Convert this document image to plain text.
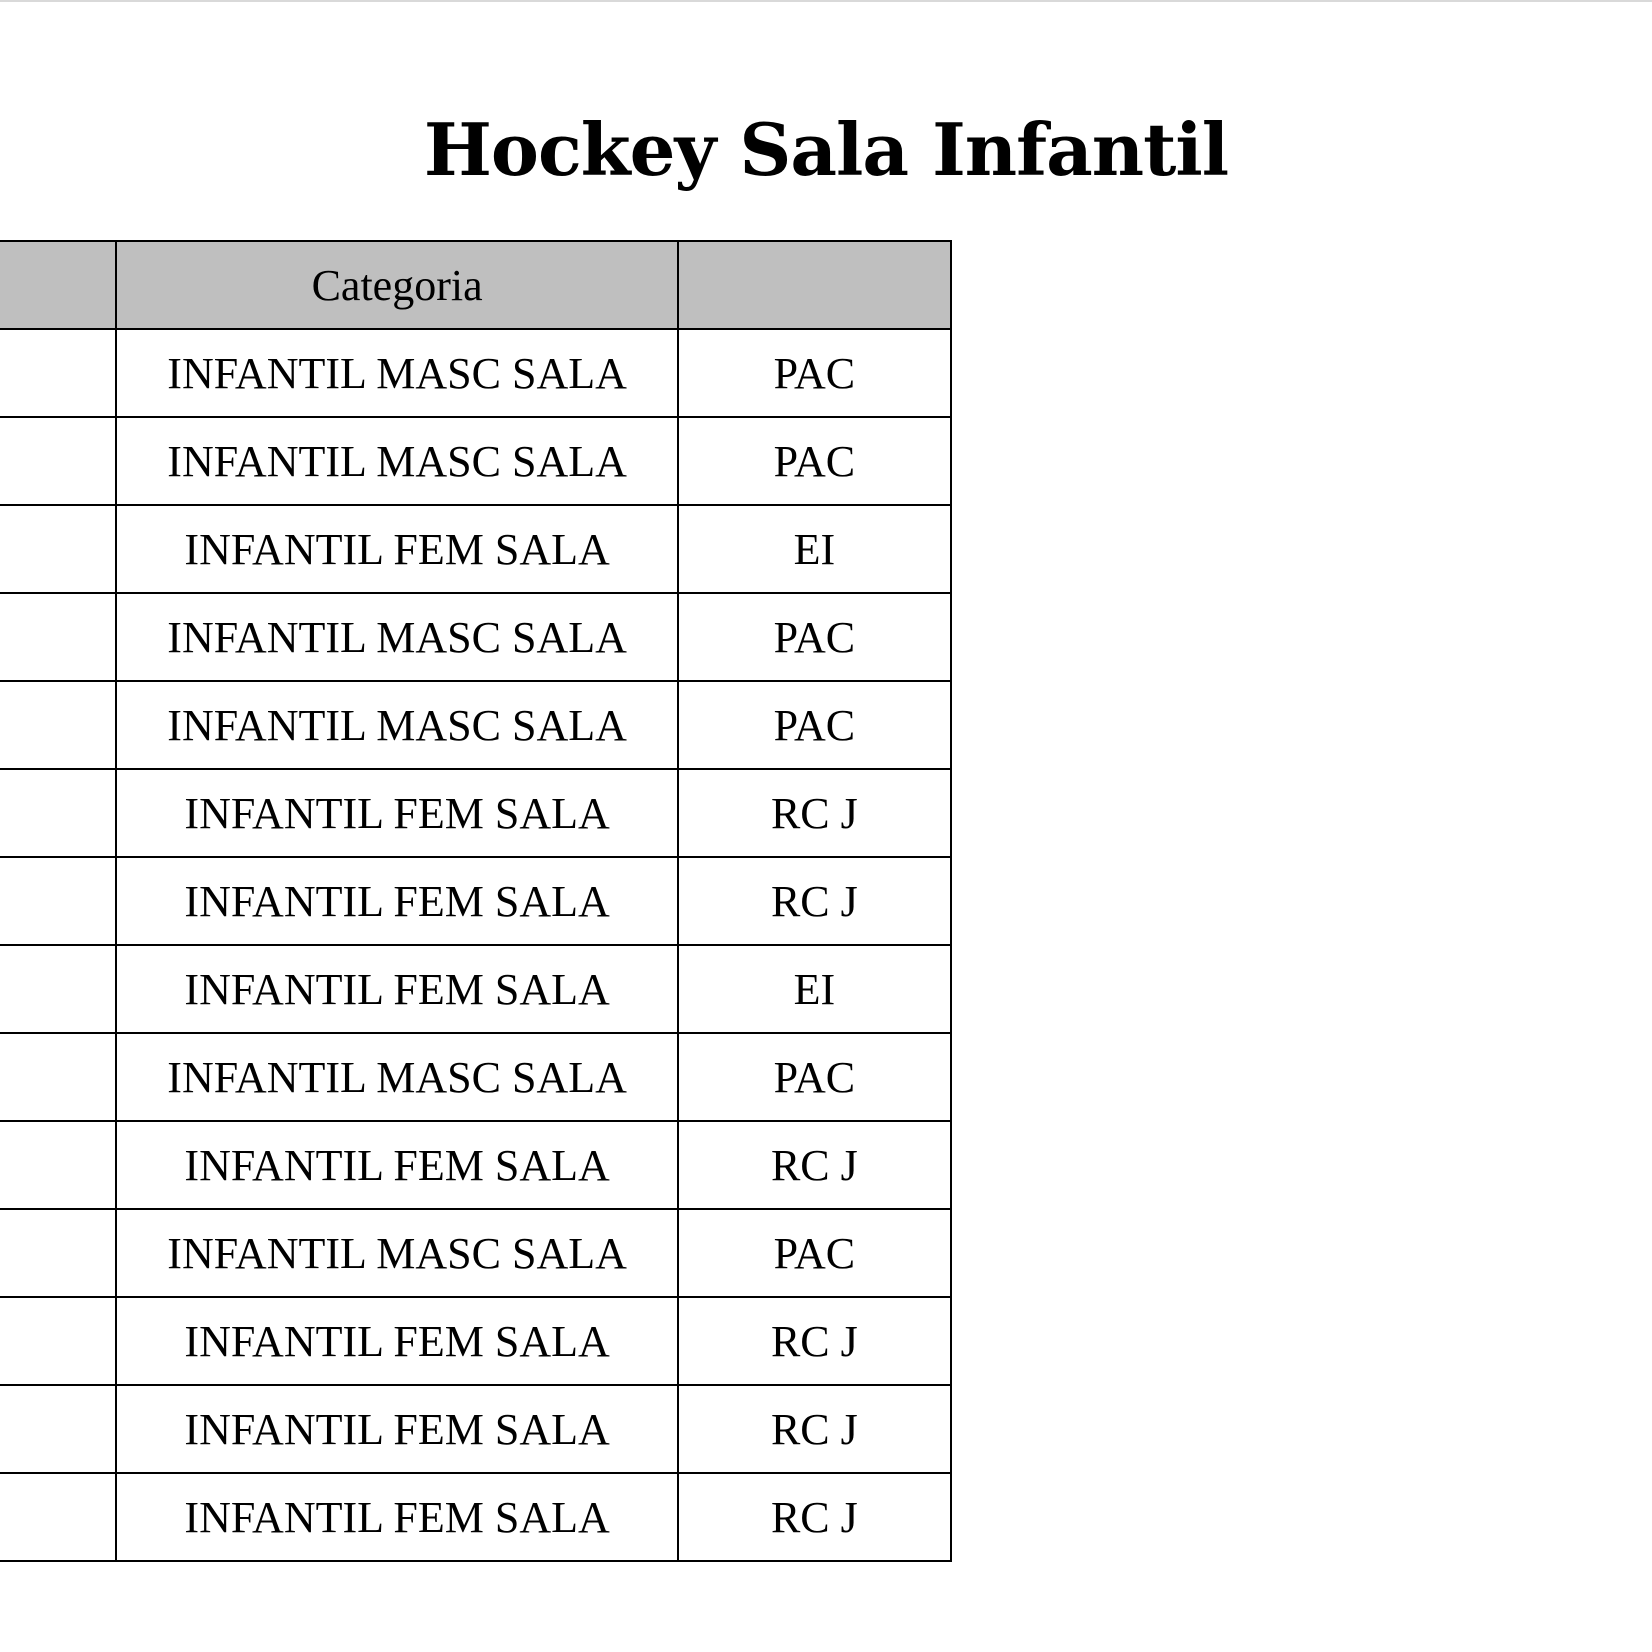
Hockey Sala Infantil
	Categoria	
	INFANTIL MASC SALA	PAC
	INFANTIL MASC SALA	PAC
	INFANTIL FEM SALA	EI
	INFANTIL MASC SALA	PAC
	INFANTIL MASC SALA	PAC
	INFANTIL FEM SALA	RC J
	INFANTIL FEM SALA	RC J
	INFANTIL FEM SALA	EI
	INFANTIL MASC SALA	PAC
	INFANTIL FEM SALA	RC J
	INFANTIL MASC SALA	PAC
	INFANTIL FEM SALA	RC J
	INFANTIL FEM SALA	RC J
	INFANTIL FEM SALA	RC J
